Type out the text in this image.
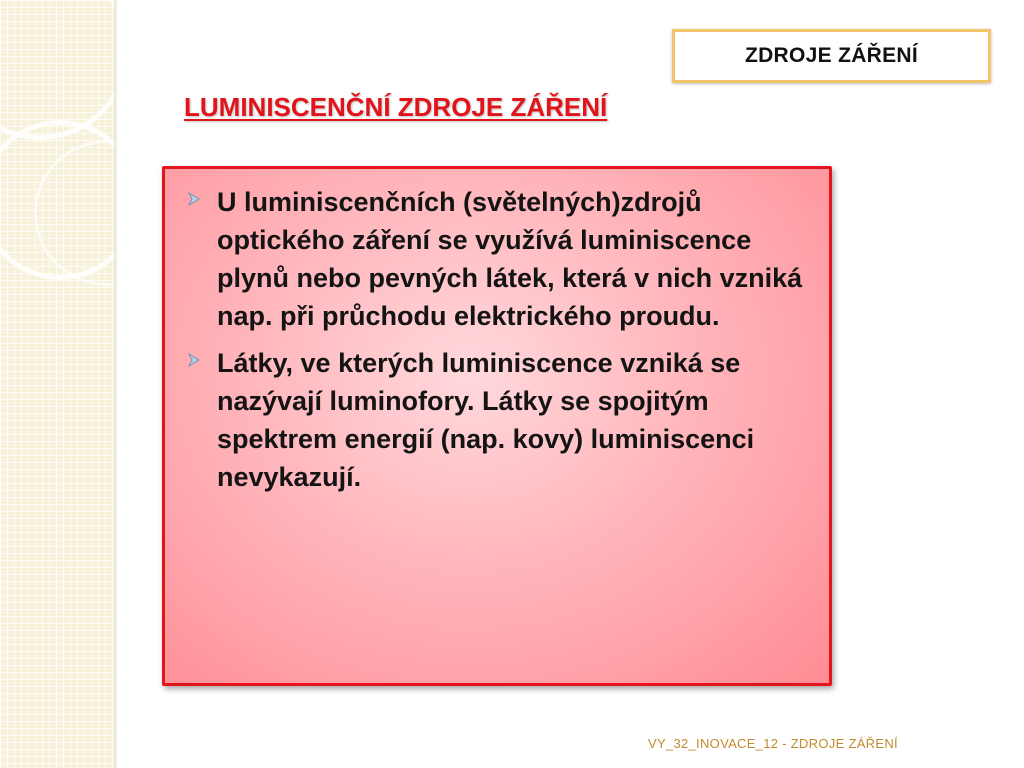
ZDROJE ZÁŘENÍ
LUMINISCENČNÍ ZDROJE ZÁŘENÍ
U luminiscenčních (světelných)zdrojů optického záření se využívá luminiscence plynů nebo pevných látek, která v nich vzniká nap. při průchodu elektrického proudu.
Látky, ve kterých luminiscence vzniká se nazývají luminofory. Látky se spojitým spektrem energií (nap. kovy) luminiscenci nevykazují.
VY_32_INOVACE_12 - ZDROJE ZÁŘENÍ
